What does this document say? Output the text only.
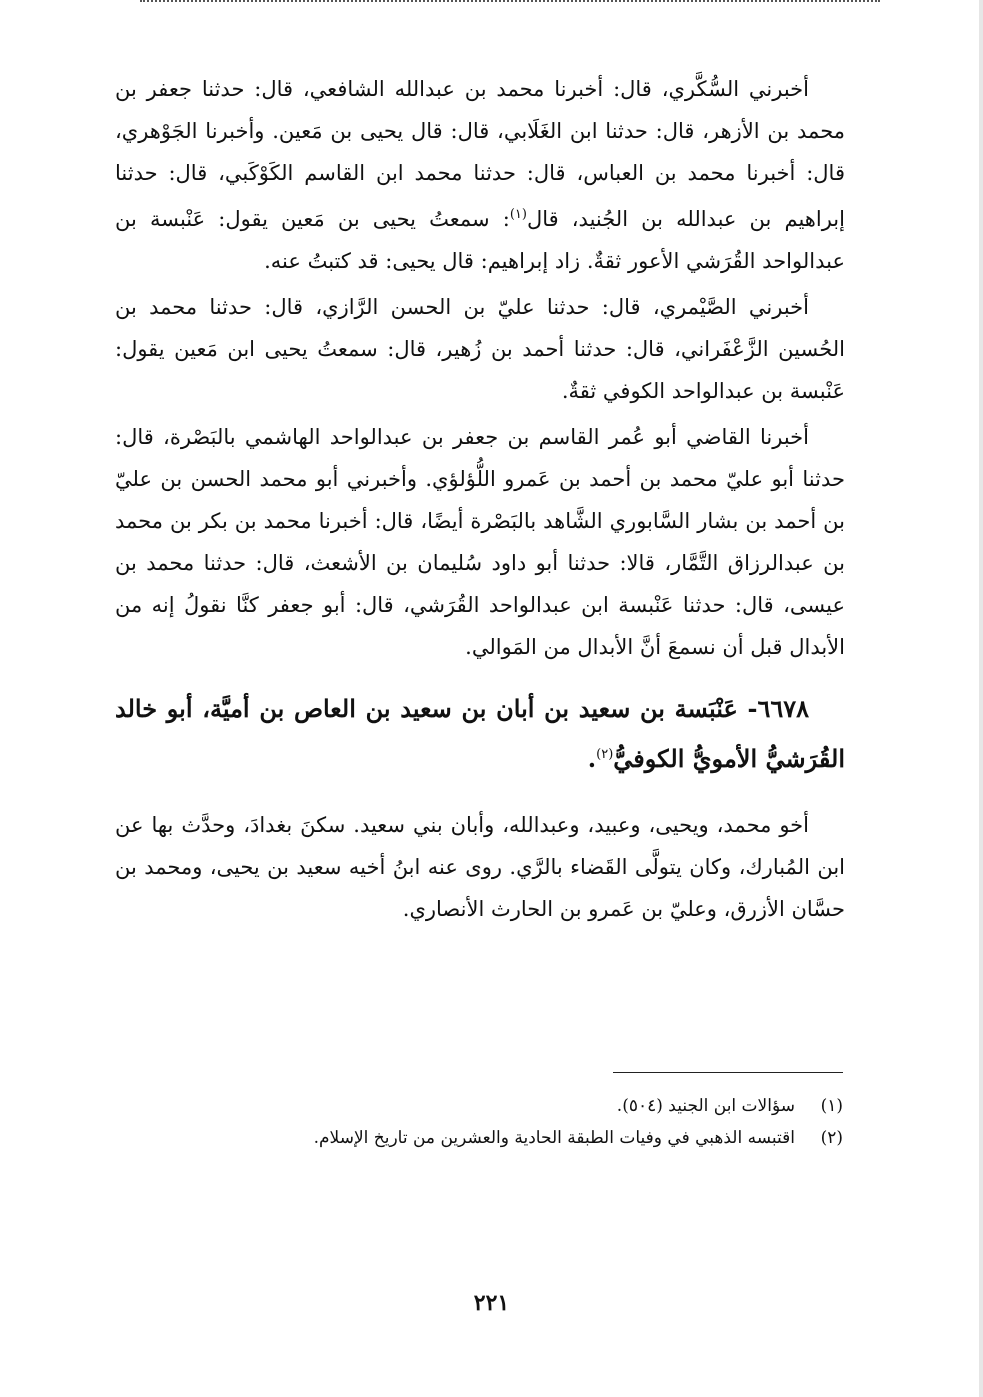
أخبرني السُّكَّري، قال: أخبرنا محمد بن عبدالله الشافعي، قال: حدثنا جعفر بن محمد بن الأزهر، قال: حدثنا ابن الغَلَابي، قال: قال يحيى بن مَعين. وأخبرنا الجَوْهري، قال: أخبرنا محمد بن العباس، قال: حدثنا محمد ابن القاسم الكَوْكَبي، قال: حدثنا إبراهيم بن عبدالله بن الجُنيد، قال$^{(١)}$: سمعتُ يحيى بن مَعين يقول: عَنْبسة بن عبدالواحد القُرَشي الأعور ثقةٌ. زاد إبراهيم: قال يحيى: قد كتبتُ عنه.

أخبرني الصَّيْمري، قال: حدثنا عليّ بن الحسن الرَّازي، قال: حدثنا محمد بن الحُسين الزَّعْفَراني، قال: حدثنا أحمد بن زُهير، قال: سمعتُ يحيى ابن مَعين يقول: عَنْبسة بن عبدالواحد الكوفي ثقةٌ.

أخبرنا القاضي أبو عُمر القاسم بن جعفر بن عبدالواحد الهاشمي بالبَصْرة، قال: حدثنا أبو عليّ محمد بن أحمد بن عَمرو اللُّؤلؤي. وأخبرني أبو محمد الحسن بن عليّ بن أحمد بن بشار السَّابوري الشَّاهد بالبَصْرة أيضًا، قال: أخبرنا محمد بن بكر بن محمد بن عبدالرزاق التَّمَّار، قالا: حدثنا أبو داود سُليمان بن الأشعث، قال: حدثنا محمد بن عيسى، قال: حدثنا عَنْبسة ابن عبدالواحد القُرَشي، قال: أبو جعفر كنَّا نقولُ إنه من الأبدال قبل أن نسمعَ أنَّ الأبدال من المَوالي.

٦٦٧٨- عَنْبَسة بن سعيد بن أبان بن سعيد بن العاص بن أميَّة، أبو خالد القُرَشيُّ الأمويُّ الكوفيُّ$^{(٢)}$.

أخو محمد، ويحيى، وعبيد، وعبدالله، وأبان بني سعيد. سكنَ بغدادَ، وحدَّث بها عن ابن المُبارك، وكان يتولَّى القَضاء بالرَّي. روى عنه ابنُ أخيه سعيد بن يحيى، ومحمد بن حسَّان الأزرق، وعليّ بن عَمرو بن الحارث الأنصاري.

(١)سؤالات ابن الجنيد (٥٠٤).
(٢)اقتبسه الذهبي في وفيات الطبقة الحادية والعشرين من تاريخ الإسلام.
٢٢١
